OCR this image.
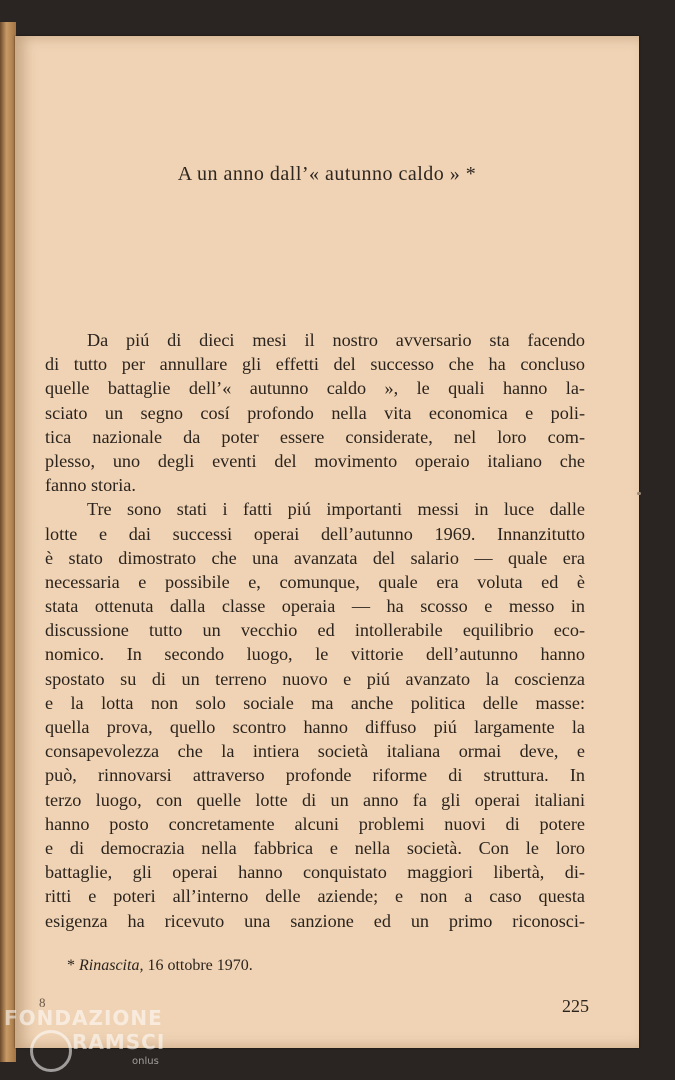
A un anno dall’« autunno caldo » *
Da piú di dieci mesi il nostro avversario sta facendo
di tutto per annullare gli effetti del successo che ha concluso
quelle battaglie dell’« autunno caldo », le quali hanno la-
sciato un segno cosí profondo nella vita economica e poli-
tica nazionale da poter essere considerate, nel loro com-
plesso, uno degli eventi del movimento operaio italiano che
fanno storia.
Tre sono stati i fatti piú importanti messi in luce dalle
lotte e dai successi operai dell’autunno 1969. Innanzitutto
è stato dimostrato che una avanzata del salario — quale era
necessaria e possibile e, comunque, quale era voluta ed è
stata ottenuta dalla classe operaia — ha scosso e messo in
discussione tutto un vecchio ed intollerabile equilibrio eco-
nomico. In secondo luogo, le vittorie dell’autunno hanno
spostato su di un terreno nuovo e piú avanzato la coscienza
e la lotta non solo sociale ma anche politica delle masse:
quella prova, quello scontro hanno diffuso piú largamente la
consapevolezza che la intiera società italiana ormai deve, e
può, rinnovarsi attraverso profonde riforme di struttura. In
terzo luogo, con quelle lotte di un anno fa gli operai italiani
hanno posto concretamente alcuni problemi nuovi di potere
e di democrazia nella fabbrica e nella società. Con le loro
battaglie, gli operai hanno conquistato maggiori libertà, di-
ritti e poteri all’interno delle aziende; e non a caso questa
esigenza ha ricevuto una sanzione ed un primo riconosci-
* Rinascita, 16 ottobre 1970.
8	225
FONDAZIONE
RAMSCI
onlus
